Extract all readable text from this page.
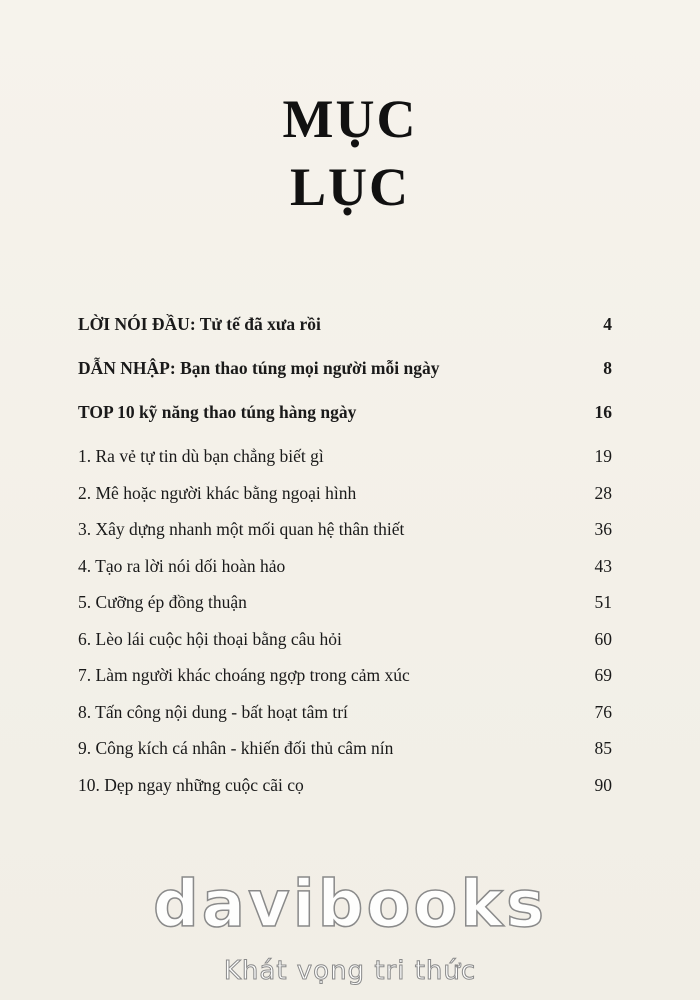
MỤC
LỤC
LỜI NÓI ĐẦU: Tử tế đã xưa rồi	4
DẪN NHẬP: Bạn thao túng mọi người mỗi ngày	8
TOP 10 kỹ năng thao túng hàng ngày	16
1. Ra vẻ tự tin dù bạn chẳng biết gì	19
2. Mê hoặc người khác bằng ngoại hình	28
3. Xây dựng nhanh một mối quan hệ thân thiết	36
4. Tạo ra lời nói dối hoàn hảo	43
5. Cưỡng ép đồng thuận	51
6. Lèo lái cuộc hội thoại bằng câu hỏi	60
7. Làm người khác choáng ngợp trong cảm xúc	69
8. Tấn công nội dung - bất hoạt tâm trí	76
9. Công kích cá nhân - khiến đối thủ câm nín	85
10. Dẹp ngay những cuộc cãi cọ	90
davibooks
Khát vọng tri thức
